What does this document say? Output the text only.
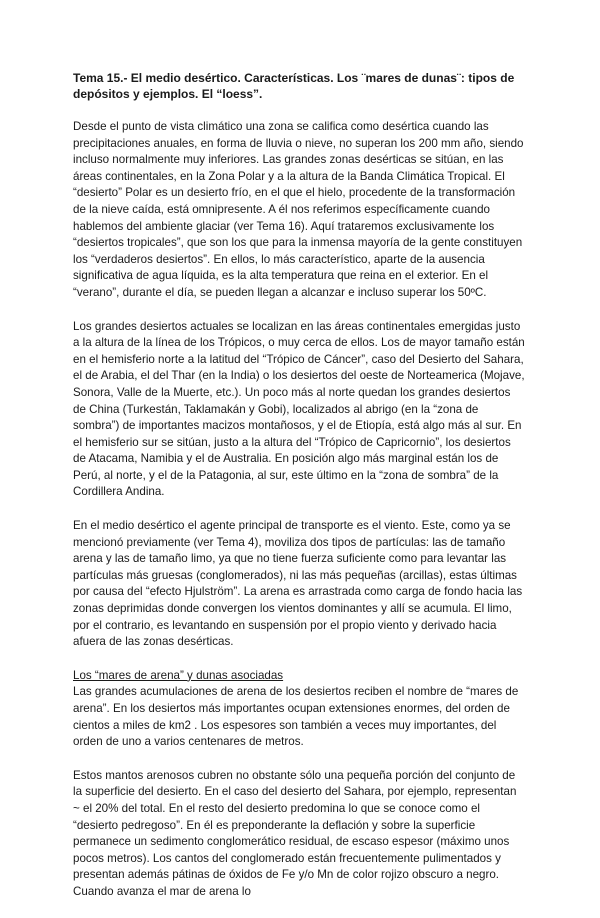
Tema 15.- El medio desértico. Características. Los ¨mares de dunas¨: tipos de depósitos y ejemplos. El “loess”.

Desde el punto de vista climático una zona se califica como desértica cuando las precipitaciones anuales, en forma de lluvia o nieve, no superan los 200 mm año, siendo incluso normalmente muy inferiores. Las grandes zonas desérticas se sitúan, en las áreas continentales, en la Zona Polar y a la altura de la Banda Climática Tropical. El “desierto” Polar es un desierto frío, en el que el hielo, procedente de la transformación de la nieve caída, está omnipresente. A él nos referimos específicamente cuando hablemos del ambiente glaciar (ver Tema 16). Aquí trataremos exclusivamente los “desiertos tropicales”, que son los que para la inmensa mayoría de la gente constituyen los “verdaderos desiertos”. En ellos, lo más característico, aparte de la ausencia significativa de agua líquida, es la alta temperatura que reina en el exterior. En el “verano”, durante el día, se pueden llegan a alcanzar e incluso superar los 50ºC.

Los grandes desiertos actuales se localizan en las áreas continentales emergidas justo a la altura de la línea de los Trópicos, o muy cerca de ellos. Los de mayor tamaño están en el hemisferio norte a la latitud del “Trópico de Cáncer”, caso del Desierto del Sahara, el de Arabia, el del Thar (en la India) o los desiertos del oeste de Norteamerica (Mojave, Sonora, Valle de la Muerte, etc.). Un poco más al norte quedan los grandes desiertos de China (Turkestán, Taklamakán y Gobi), localizados al abrigo (en la “zona de sombra”) de importantes macizos montañosos, y el de Etiopía, está algo más al sur. En el hemisferio sur se sitúan, justo a la altura del “Trópico de Capricornio”, los desiertos de Atacama, Namibia y el de Australia. En posición algo más marginal están los de Perú, al norte, y el de la Patagonia, al sur, este último en la “zona de sombra” de la Cordillera Andina.

En el medio desértico el agente principal de transporte es el viento. Este, como ya se mencionó previamente (ver Tema 4), moviliza dos tipos de partículas: las de tamaño arena y las de tamaño limo, ya que no tiene fuerza suficiente como para levantar las partículas más gruesas (conglomerados), ni las más pequeñas (arcillas), estas últimas por causa del “efecto Hjulström”. La arena es arrastrada como carga de fondo hacia las zonas deprimidas donde convergen los vientos dominantes y allí se acumula. El limo, por el contrario, es levantando en suspensión por el propio viento y derivado hacia afuera de las zonas desérticas.

Los “mares de arena” y dunas asociadas

Las grandes acumulaciones de arena de los desiertos reciben el nombre de “mares de arena”. En los desiertos más importantes ocupan extensiones enormes, del orden de cientos a miles de km2 . Los espesores son también a veces muy importantes, del orden de uno a varios centenares de metros.

Estos mantos arenosos cubren no obstante sólo una pequeña porción del conjunto de la superficie del desierto. En el caso del desierto del Sahara, por ejemplo, representan ~ el 20% del total. En el resto del desierto predomina lo que se conoce como el “desierto pedregoso”. En él es preponderante la deflación y sobre la superficie permanece un sedimento conglomerático residual, de escaso espesor (máximo unos pocos metros). Los cantos del conglomerado están frecuentemente pulimentados y presentan además pátinas de óxidos de Fe y/o Mn de color rojizo obscuro a negro. Cuando avanza el mar de arena lo
